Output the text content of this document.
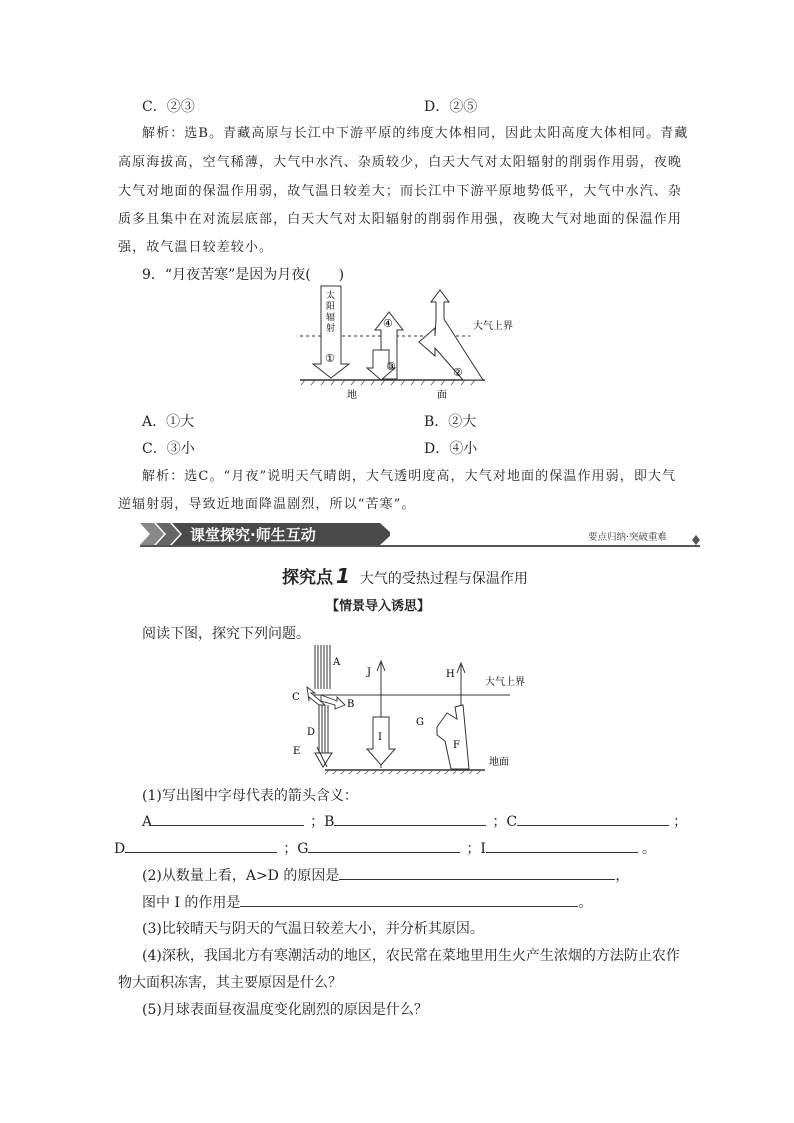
C．②③	D．②⑤
解析：选B。青藏高原与长江中下游平原的纬度大体相同，因此太阳高度大体相同。青藏
高原海拔高，空气稀薄，大气中水汽、杂质较少，白天大气对太阳辐射的削弱作用弱，夜晚
大气对地面的保温作用弱，故气温日较差大；而长江中下游平原地势低平，大气中水汽、杂
质多且集中在对流层底部，白天大气对太阳辐射的削弱作用强，夜晚大气对地面的保温作用
强，故气温日较差较小。
9．“月夜苦寒”是因为月夜(　　)
太
阳
辐
射
①
④
③	②
大气上界
地	面
A．①大	B．②大
C．③小	D．④小
解析：选C。“月夜”说明天气晴朗，大气透明度高，大气对地面的保温作用弱，即大气
逆辐射弱，导致近地面降温剧烈，所以“苦寒”。
课堂探究·师生互动	要点归纳·突破重难
探究点 1 大气的受热过程与保温作用
【情景导入诱思】
阅读下图，探究下列问题。
A
C
B
D
E
J
I
H
G
F
大气上界
地面
(1)写出图中字母代表的箭头含义：
A	；B	；C	；
D	；G	；I	。
(2)从数量上看，A>D 的原因是	，
图中 I 的作用是	。
(3)比较晴天与阴天的气温日较差大小，并分析其原因。
(4)深秋，我国北方有寒潮活动的地区，农民常在菜地里用生火产生浓烟的方法防止农作
物大面积冻害，其主要原因是什么？
(5)月球表面昼夜温度变化剧烈的原因是什么？
